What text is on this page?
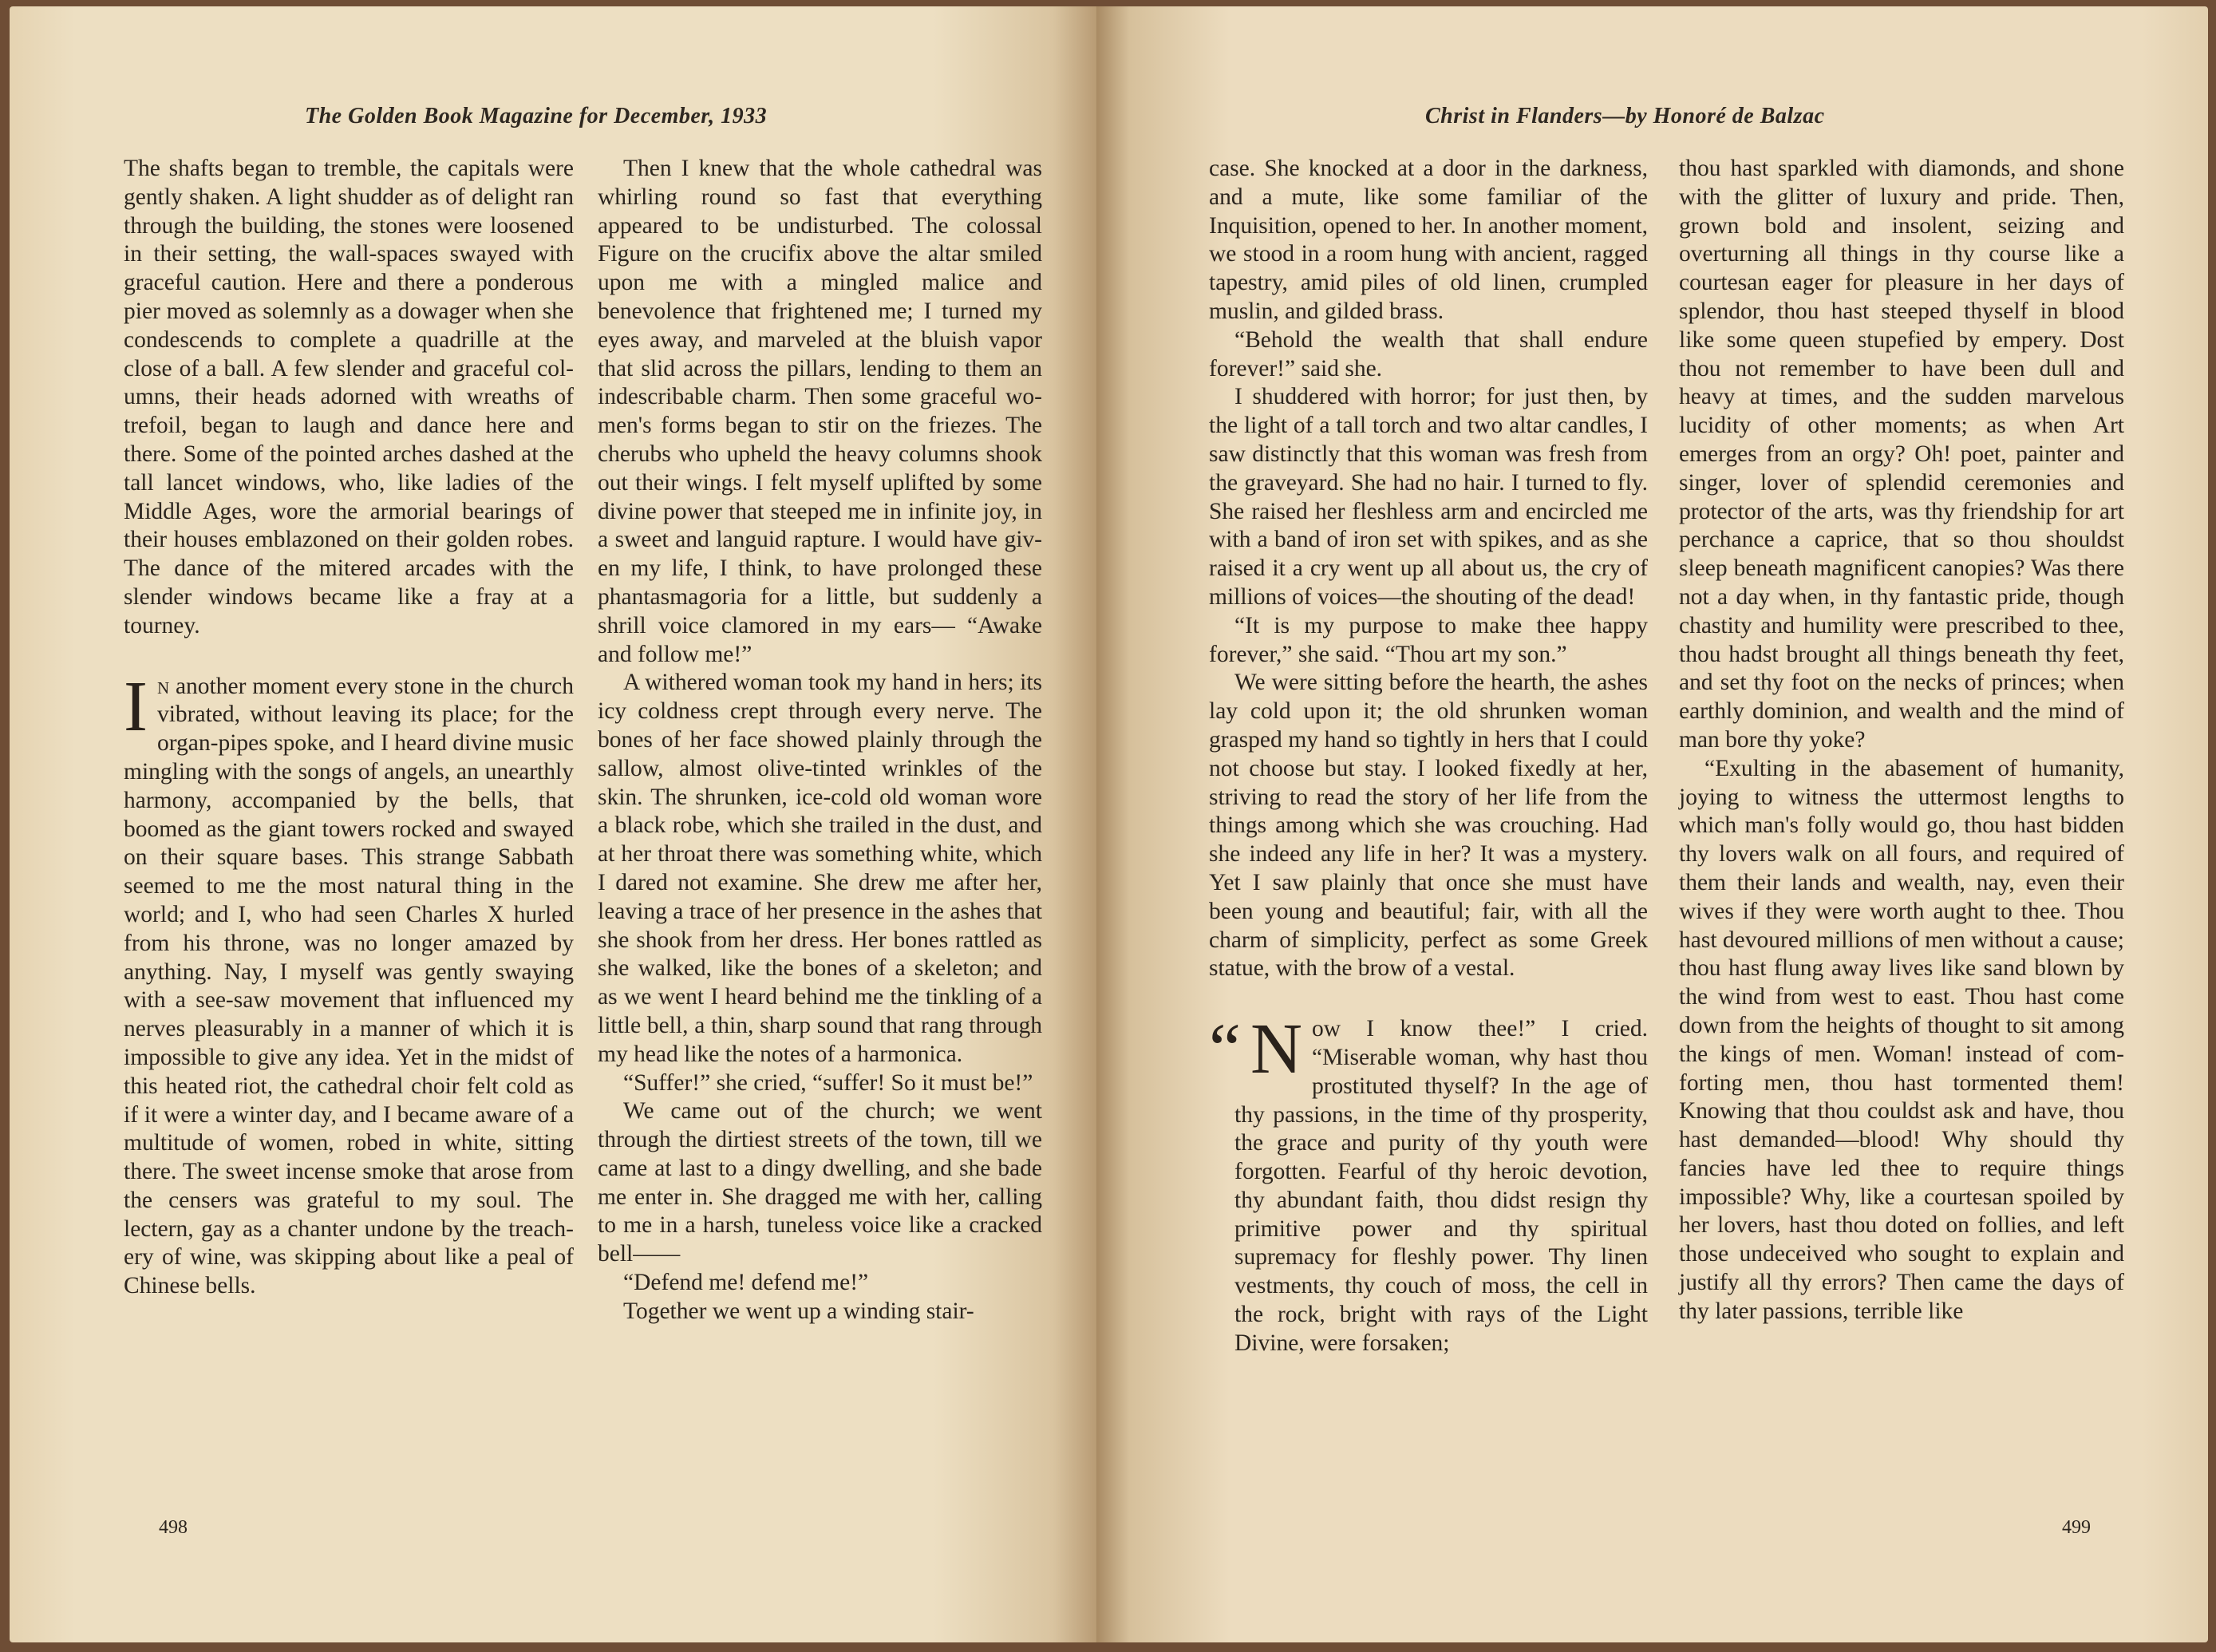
The Golden Book Magazine for December, 1933

The shafts began to tremble, the capitals were gently shaken. A light shudder as of delight ran through the building, the stones were loosened in their setting, the wall-spaces swayed with graceful caution. Here and there a ponderous pier moved as solemnly as a dowager when she condescends to complete a quadrille at the close of a ball. A few slender and graceful columns, their heads adorned with wreaths of trefoil, began to laugh and dance here and there. Some of the pointed arches dashed at the tall lancet windows, who, like ladies of the Middle Ages, wore the armorial bearings of their houses emblazoned on their golden robes. The dance of the mitered arcades with the slender windows became like a fray at a tourney.

In another moment every stone in the church vibrated, without leaving its place; for the organ-pipes spoke, and I heard divine music mingling with the songs of angels, an unearthly harmony, accompanied by the bells, that boomed as the giant towers rocked and swayed on their square bases. This strange Sabbath seemed to me the most natural thing in the world; and I, who had seen Charles X hurled from his throne, was no longer amazed by anything. Nay, I myself was gently swaying with a see-saw movement that influenced my nerves pleasurably in a manner of which it is impossible to give any idea. Yet in the midst of this heated riot, the cathedral choir felt cold as if it were a winter day, and I became aware of a multitude of women, robed in white, sitting there. The sweet incense smoke that arose from the censers was grateful to my soul. The lectern, gay as a chanter undone by the treachery of wine, was skipping about like a peal of Chinese bells.

Then I knew that the whole cathedral was whirling round so fast that everything appeared to be undisturbed. The colossal Figure on the crucifix above the altar smiled upon me with a mingled malice and benevolence that frightened me; I turned my eyes away, and marveled at the bluish vapor that slid across the pillars, lending to them an indescribable charm. Then some graceful women's forms began to stir on the friezes. The cherubs who upheld the heavy columns shook out their wings. I felt myself uplifted by some divine power that steeped me in infinite joy, in a sweet and languid rapture. I would have given my life, I think, to have prolonged these phantasmagoria for a little, but suddenly a shrill voice clamored in my ears— “Awake and follow me!”

A withered woman took my hand in hers; its icy coldness crept through every nerve. The bones of her face showed plainly through the sallow, almost olive-tinted wrinkles of the skin. The shrunken, ice-cold old woman wore a black robe, which she trailed in the dust, and at her throat there was something white, which I dared not examine. She drew me after her, leaving a trace of her presence in the ashes that she shook from her dress. Her bones rattled as she walked, like the bones of a skeleton; and as we went I heard behind me the tinkling of a little bell, a thin, sharp sound that rang through my head like the notes of a harmonica.

“Suffer!” she cried, “suffer! So it must be!”

We came out of the church; we went through the dirtiest streets of the town, till we came at last to a dingy dwelling, and she bade me enter in. She dragged me with her, calling to me in a harsh, tuneless voice like a cracked bell——

“Defend me! defend me!”

Together we went up a winding stair-

498
Christ in Flanders—by Honoré de Balzac

case. She knocked at a door in the darkness, and a mute, like some familiar of the Inquisition, opened to her. In another moment, we stood in a room hung with ancient, ragged tapestry, amid piles of old linen, crumpled muslin, and gilded brass.

“Behold the wealth that shall endure forever!” said she.

I shuddered with horror; for just then, by the light of a tall torch and two altar candles, I saw distinctly that this woman was fresh from the graveyard. She had no hair. I turned to fly. She raised her fleshless arm and encircled me with a band of iron set with spikes, and as she raised it a cry went up all about us, the cry of millions of voices—the shouting of the dead!

“It is my purpose to make thee happy forever,” she said. “Thou art my son.”

We were sitting before the hearth, the ashes lay cold upon it; the old shrunken woman grasped my hand so tightly in hers that I could not choose but stay. I looked fixedly at her, striving to read the story of her life from the things among which she was crouching. Had she indeed any life in her? It was a mystery. Yet I saw plainly that once she must have been young and beautiful; fair, with all the charm of simplicity, perfect as some Greek statue, with the brow of a vestal.

“ N ow I know thee!” I cried. “Miserable woman, why hast thou prostituted thyself? In the age of thy passions, in the time of thy prosperity, the grace and purity of thy youth were forgotten. Fearful of thy heroic devotion, thy abundant faith, thou didst resign thy primitive power and thy spiritual supremacy for fleshly power. Thy linen vestments, thy couch of moss, the cell in the rock, bright with rays of the Light Divine, were forsaken;

thou hast sparkled with diamonds, and shone with the glitter of luxury and pride. Then, grown bold and insolent, seizing and overturning all things in thy course like a courtesan eager for pleasure in her days of splendor, thou hast steeped thyself in blood like some queen stupefied by empery. Dost thou not remember to have been dull and heavy at times, and the sudden marvelous lucidity of other moments; as when Art emerges from an orgy? Oh! poet, painter and singer, lover of splendid ceremonies and protector of the arts, was thy friendship for art perchance a caprice, that so thou shouldst sleep beneath magnificent canopies? Was there not a day when, in thy fantastic pride, though chastity and humility were prescribed to thee, thou hadst brought all things beneath thy feet, and set thy foot on the necks of princes; when earthly dominion, and wealth and the mind of man bore thy yoke?

“Exulting in the abasement of humanity, joying to witness the uttermost lengths to which man's folly would go, thou hast bidden thy lovers walk on all fours, and required of them their lands and wealth, nay, even their wives if they were worth aught to thee. Thou hast devoured millions of men without a cause; thou hast flung away lives like sand blown by the wind from west to east. Thou hast come down from the heights of thought to sit among the kings of men. Woman! instead of comforting men, thou hast tormented them! Knowing that thou couldst ask and have, thou hast demanded—blood! Why should thy fancies have led thee to require things impossible? Why, like a courtesan spoiled by her lovers, hast thou doted on follies, and left those undeceived who sought to explain and justify all thy errors? Then came the days of thy later passions, terrible like

499
